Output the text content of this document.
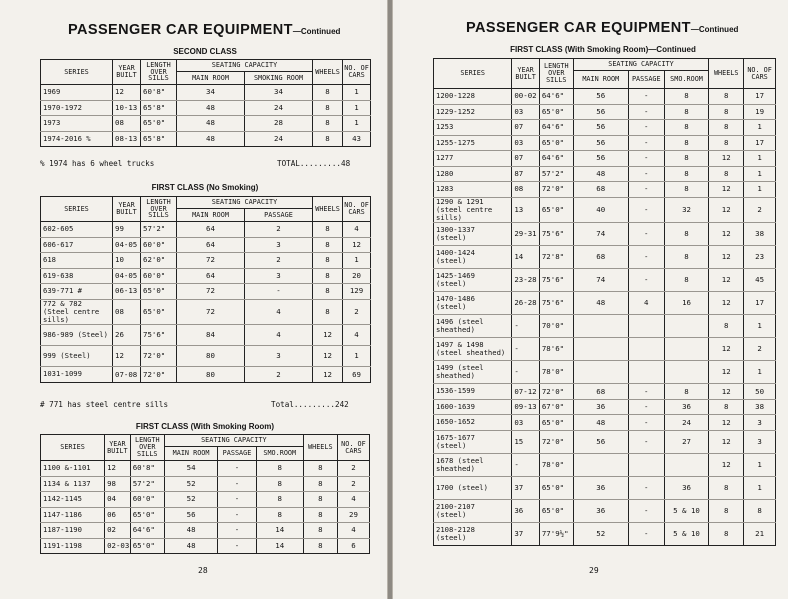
PASSENGER CAR EQUIPMENT—Continued
SECOND CLASS
SERIES	YEAR BUILT	LENGTH OVER SILLS	SEATING CAPACITY		WHEELS	NO. OF CARS
			MAIN ROOM	SMOKING ROOM		
1969	12	60'8"	34	34	8	1
1970-1972	10-13	65'8"	48	24	8	1
1973	08	65'0"	48	28	8	1
1974-2016 %	08-13	65'8"	48	24	8	43
% 1974 has 6 wheel trucks	TOTAL.........48
FIRST CLASS (No Smoking)
SERIES	YEAR BUILT	LENGTH OVER SILLS	SEATING CAPACITY		WHEELS	NO. OF CARS
			MAIN ROOM	PASSAGE		
602-605	99	57'2"	64	2	8	4
606-617	04-05	60'0"	64	3	8	12
618	10	62'0"	72	2	8	1
619-638	04-05	60'0"	64	3	8	20
639-771 #	06-13	65'0"	72	-	8	129
772 & 782 (Steel centre sills)	08	65'0"	72	4	8	2
986-989 (Steel)	26	75'6"	84	4	12	4
999 (Steel)	12	72'0"	80	3	12	1
1031-1099	07-08	72'0"	80	2	12	69
# 771 has steel centre sills	Total.........242
FIRST CLASS (With Smoking Room)
SERIES	YEAR BUILT	LENGTH OVER SILLS	SEATING CAPACITY			WHEELS	NO. OF CARS
			MAIN ROOM	PASSAGE	SMO.ROOM		
1100 &-1101	12	60'8"	54	-	8	8	2
1134 & 1137	98	57'2"	52	-	8	8	2
1142-1145	04	60'0"	52	-	8	8	4
1147-1186	06	65'0"	56	-	8	8	29
1187-1190	02	64'6"	48	-	14	8	4
1191-1198	02-03	65'0"	48	-	14	8	6
28
PASSENGER CAR EQUIPMENT—Continued
FIRST CLASS (With Smoking Room)—Continued
SERIES	YEAR BUILT	LENGTH OVER SILLS	SEATING CAPACITY			WHEELS	NO. OF CARS
			MAIN ROOM	PASSAGE	SMO.ROOM		
1200-1228	00-02	64'6"	56	-	8	8	17
1229-1252	03	65'0"	56	-	8	8	19
1253	07	64'6"	56	-	8	8	1
1255-1275	03	65'0"	56	-	8	8	17
1277	07	64'6"	56	-	8	12	1
1280	87	57'2"	48	-	8	8	1
1283	08	72'0"	68	-	8	12	1
1290 & 1291 (steel centre sills)	13	65'0"	40	-	32	12	2
1300-1337 (steel)	29-31	75'6"	74	-	8	12	38
1400-1424 (steel)	14	72'8"	68	-	8	12	23
1425-1469 (steel)	23-28	75'6"	74	-	8	12	45
1470-1486 (steel)	26-28	75'6"	48	4	16	12	17
1496 (steel sheathed)	-	70'0"				8	1
1497 & 1498 (steel sheathed)	-	78'6"				12	2
1499 (steel sheathed)	-	78'0"				12	1
1536-1599	07-12	72'0"	68	-	8	12	50
1600-1639	09-13	67'0"	36	-	36	8	38
1650-1652	03	65'0"	48	-	24	12	3
1675-1677 (steel)	15	72'0"	56	-	27	12	3
1678 (steel sheathed)	-	78'0"				12	1
1700 (steel)	37	65'0"	36	-	36	8	1
2100-2107 (steel)	36	65'0"	36	-	5 & 10	8	8
2108-2128 (steel)	37	77'9½"	52	-	5 & 10	8	21
29
